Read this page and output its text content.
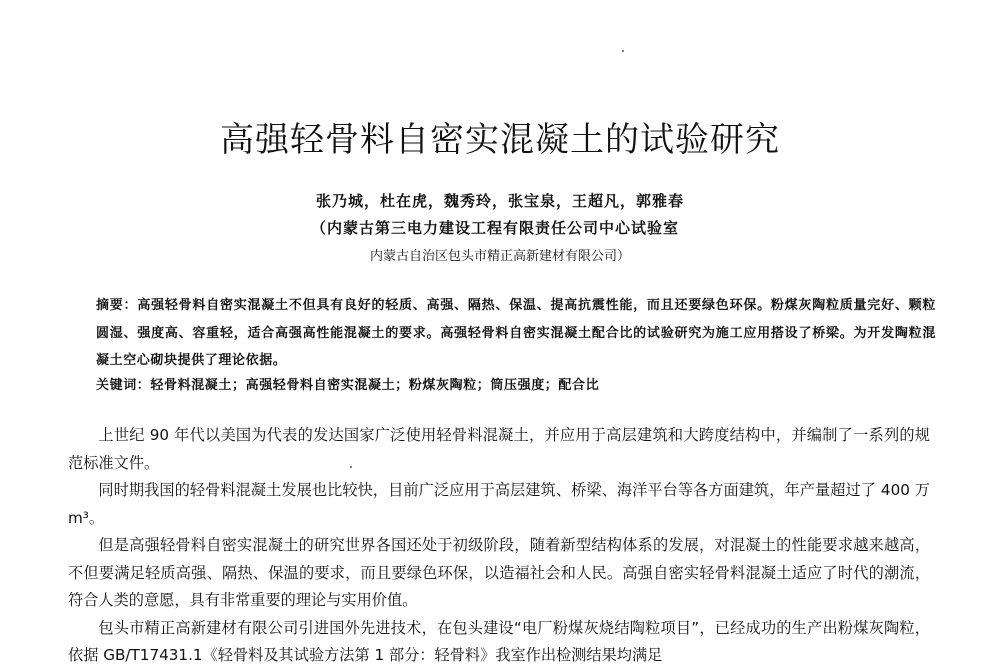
高强轻骨料自密实混凝土的试验研究
张乃城，杜在虎，魏秀玲，张宝泉，王超凡，郭雅春
（内蒙古第三电力建设工程有限责任公司中心试验室
内蒙古自治区包头市精正高新建材有限公司）
摘要：高强轻骨料自密实混凝土不但具有良好的轻质、高强、隔热、保温、提高抗震性能，而且还要绿色环保。粉煤灰陶粒质量完好、颗粒圆湿、强度高、容重轻，适合高强高性能混凝土的要求。高强轻骨料自密实混凝土配合比的试验研究为施工应用搭设了桥梁。为开发陶粒混凝土空心砌块提供了理论依据。
关键词：轻骨料混凝土；高强轻骨料自密实混凝土；粉煤灰陶粒；筒压强度；配合比

上世纪 90 年代以美国为代表的发达国家广泛使用轻骨料混凝土，并应用于高层建筑和大跨度结构中，并编制了一系列的规范标准文件。

同时期我国的轻骨料混凝土发展也比较快，目前广泛应用于高层建筑、桥梁、海洋平台等各方面建筑，年产量超过了 400 万 m³。

但是高强轻骨料自密实混凝土的研究世界各国还处于初级阶段，随着新型结构体系的发展，对混凝土的性能要求越来越高，不但要满足轻质高强、隔热、保温的要求，而且要绿色环保，以造福社会和人民。高强自密实轻骨料混凝土适应了时代的潮流，符合人类的意愿，具有非常重要的理论与实用价值。

包头市精正高新建材有限公司引进国外先进技术，在包头建设“电厂粉煤灰烧结陶粒项目”，已经成功的生产出粉煤灰陶粒，依据 GB/T17431.1《轻骨料及其试验方法第 1 部分：轻骨料》我室作出检测结果均满足
